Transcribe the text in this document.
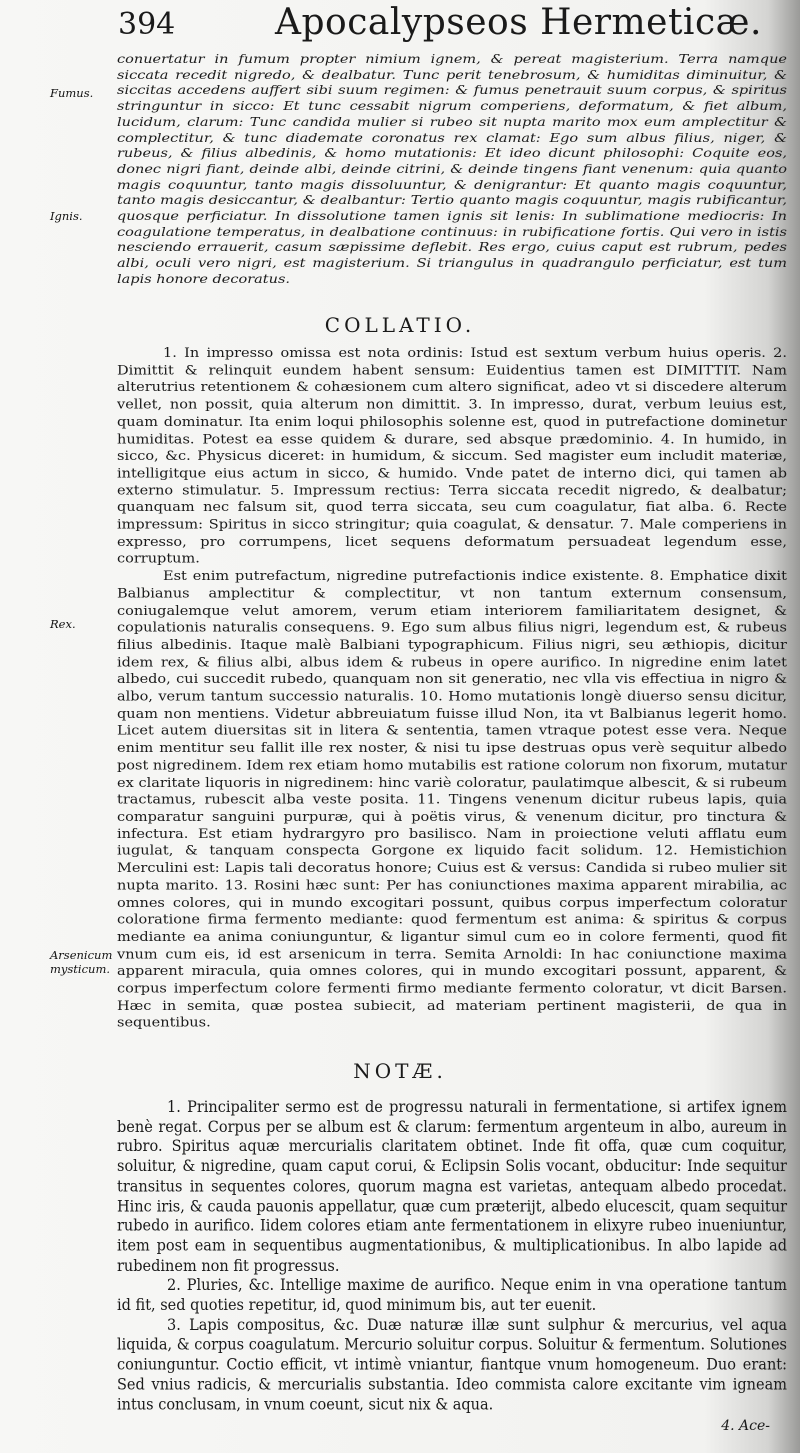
394	Apocalypseos Hermeticæ.
Fumus.
Ignis.
Rex.
Arsenicum mysticum.

conuertatur in fumum propter nimium ignem, & pereat magisterium. Terra namque siccata recedit nigredo, & dealbatur. Tunc perit tenebrosum, & humiditas diminuitur, & siccitas accedens auffert sibi suum regimen: & fumus penetrauit suum corpus, & spiritus stringuntur in sicco: Et tunc cessabit nigrum comperiens, deformatum, & fiet album, lucidum, clarum: Tunc candida mulier si rubeo sit nupta marito mox eum amplectitur & complectitur, & tunc diademate coronatus rex clamat: Ego sum albus filius, niger, & rubeus, & filius albedinis, & homo mutationis: Et ideo dicunt philosophi: Coquite eos, donec nigri fiant, deinde albi, deinde citrini, & deinde tingens fiant venenum: quia quanto magis coquuntur, tanto magis dissoluuntur, & denigrantur: Et quanto magis coquuntur, tanto magis desiccantur, & dealbantur: Tertio quanto magis coquuntur, magis rubificantur, quosque perficiatur. In dissolutione tamen ignis sit lenis: In sublimatione mediocris: In coagulatione temperatus, in dealbatione continuus: in rubificatione fortis. Qui vero in istis nesciendo errauerit, casum sæpissime deflebit. Res ergo, cuius caput est rubrum, pedes albi, oculi vero nigri, est magisterium. Si triangulus in quadrangulo perficiatur, est tum lapis honore decoratus.

COLLATIO.

1. In impresso omissa est nota ordinis: Istud est sextum verbum huius operis. 2. Dimittit & relinquit eundem habent sensum: Euidentius tamen est DIMITTIT. Nam alterutrius retentionem & cohæsionem cum altero significat, adeo vt si discedere alterum vellet, non possit, quia alterum non dimittit. 3. In impresso, durat, verbum leuius est, quam dominatur. Ita enim loqui philosophis solenne est, quod in putrefactione dominetur humiditas. Potest ea esse quidem & durare, sed absque prædominio. 4. In humido, in sicco, &c. Physicus diceret: in humidum, & siccum. Sed magister eum includit materiæ, intelligitque eius actum in sicco, & humido. Vnde patet de interno dici, qui tamen ab externo stimulatur. 5. Impressum rectius: Terra siccata recedit nigredo, & dealbatur; quanquam nec falsum sit, quod terra siccata, seu cum coagulatur, fiat alba. 6. Recte impressum: Spiritus in sicco stringitur; quia coagulat, & densatur. 7. Male comperiens in expresso, pro corrumpens, licet sequens deformatum persuadeat legendum esse, corruptum.

Est enim putrefactum, nigredine putrefactionis indice existente. 8. Emphatice dixit Balbianus amplectitur & complectitur, vt non tantum externum consensum, coniugalemque velut amorem, verum etiam interiorem familiaritatem designet, & copulationis naturalis consequens. 9. Ego sum albus filius nigri, legendum est, & rubeus filius albedinis. Itaque malè Balbiani typographicum. Filius nigri, seu æthiopis, dicitur idem rex, & filius albi, albus idem & rubeus in opere aurifico. In nigredine enim latet albedo, cui succedit rubedo, quanquam non sit generatio, nec vlla vis effectiua in nigro & albo, verum tantum successio naturalis. 10. Homo mutationis longè diuerso sensu dicitur, quam non mentiens. Videtur abbreuiatum fuisse illud Non, ita vt Balbianus legerit homo. Licet autem diuersitas sit in litera & sententia, tamen vtraque potest esse vera. Neque enim mentitur seu fallit ille rex noster, & nisi tu ipse destruas opus verè sequitur albedo post nigredinem. Idem rex etiam homo mutabilis est ratione colorum non fixorum, mutatur ex claritate liquoris in nigredinem: hinc variè coloratur, paulatimque albescit, & si rubeum tractamus, rubescit alba veste posita. 11. Tingens venenum dicitur rubeus lapis, quia comparatur sanguini purpuræ, qui à poëtis virus, & venenum dicitur, pro tinctura & infectura. Est etiam hydrargyro pro basilisco. Nam in proiectione veluti afflatu eum iugulat, & tanquam conspecta Gorgone ex liquido facit solidum. 12. Hemistichion Merculini est: Lapis tali decoratus honore; Cuius est & versus: Candida si rubeo mulier sit nupta marito. 13. Rosini hæc sunt: Per has coniunctiones maxima apparent mirabilia, ac omnes colores, qui in mundo excogitari possunt, quibus corpus imperfectum coloratur coloratione firma fermento mediante: quod fermentum est anima: & spiritus & corpus mediante ea anima coniunguntur, & ligantur simul cum eo in colore fermenti, quod fit vnum cum eis, id est arsenicum in terra. Semita Arnoldi: In hac coniunctione maxima apparent miracula, quia omnes colores, qui in mundo excogitari possunt, apparent, & corpus imperfectum colore fermenti firmo mediante fermento coloratur, vt dicit Barsen. Hæc in semita, quæ postea subiecit, ad materiam pertinent magisterii, de qua in sequentibus.

NOTÆ.

1. Principaliter sermo est de progressu naturali in fermentatione, si artifex ignem benè regat. Corpus per se album est & clarum: fermentum argenteum in albo, aureum in rubro. Spiritus aquæ mercurialis claritatem obtinet. Inde fit offa, quæ cum coquitur, soluitur, & nigredine, quam caput corui, & Eclipsin Solis vocant, obducitur: Inde sequitur transitus in sequentes colores, quorum magna est varietas, antequam albedo procedat. Hinc iris, & cauda pauonis appellatur, quæ cum præterijt, albedo elucescit, quam sequitur rubedo in aurifico. Iidem colores etiam ante fermentationem in elixyre rubeo inueniuntur, item post eam in sequentibus augmentationibus, & multiplicationibus. In albo lapide ad rubedinem non fit progressus.

2. Pluries, &c. Intellige maxime de aurifico. Neque enim in vna operatione tantum id fit, sed quoties repetitur, id, quod minimum bis, aut ter euenit.

3. Lapis compositus, &c. Duæ naturæ illæ sunt sulphur & mercurius, vel aqua liquida, & corpus coagulatum. Mercurio soluitur corpus. Soluitur & fermentum. Solutiones coniunguntur. Coctio efficit, vt intimè vniantur, fiantque vnum homogeneum. Duo erant: Sed vnius radicis, & mercurialis substantia. Ideo commista calore excitante vim igneam intus conclusam, in vnum coeunt, sicut nix & aqua.

4. Ace-
